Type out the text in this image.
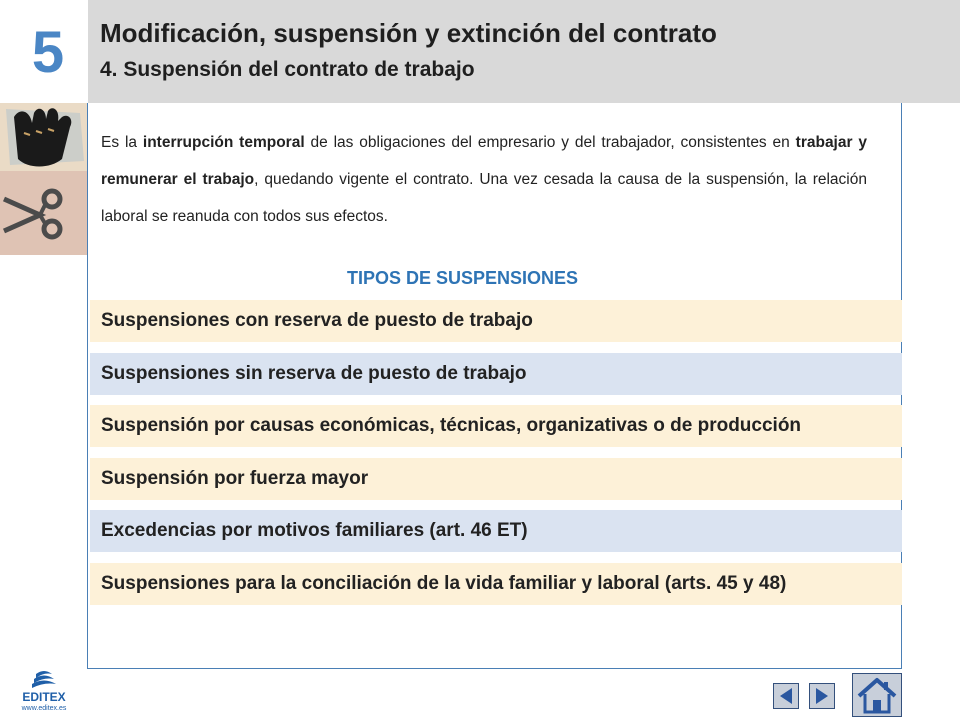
5	Modificación, suspensión y extinción del contrato
4. Suspensión del contrato de trabajo
Es la interrupción temporal de las obligaciones del empresario y del trabajador, consistentes en trabajar y remunerar el trabajo, quedando vigente el contrato. Una vez cesada la causa de la suspensión, la relación laboral se reanuda con todos sus efectos.
TIPOS DE SUSPENSIONES
Suspensiones con reserva de puesto de trabajo
Suspensiones sin reserva de puesto de trabajo
Suspensión por causas económicas, técnicas, organizativas o de producción
Suspensión por fuerza mayor
Excedencias por motivos familiares (art. 46 ET)
Suspensiones para la conciliación de la vida familiar y laboral (arts. 45 y 48)
EDITEX
www.editex.es
